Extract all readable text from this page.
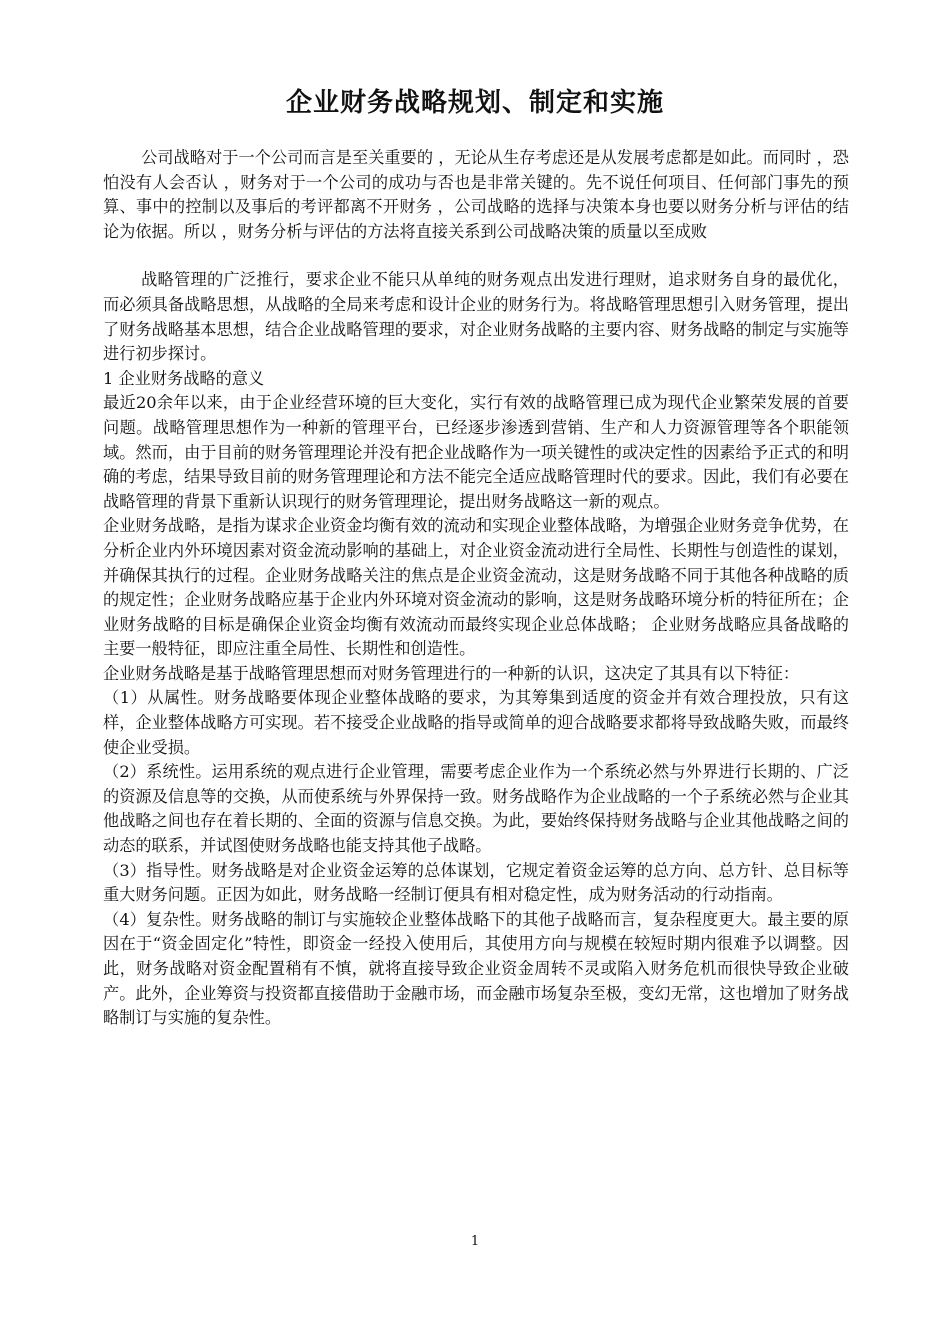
企业财务战略规划、制定和实施

公司战略对于一个公司而言是至关重要的 ，无论从生存考虑还是从发展考虑都是如此。而同时 ，恐怕没有人会否认 ，财务对于一个公司的成功与否也是非常关键的。先不说任何项目、任何部门事先的预算、事中的控制以及事后的考评都离不开财务 ，公司战略的选择与决策本身也要以财务分析与评估的结论为依据。所以 ，财务分析与评估的方法将直接关系到公司战略决策的质量以至成败

战略管理的广泛推行，要求企业不能只从单纯的财务观点出发进行理财，追求财务自身的最优化，而必须具备战略思想，从战略的全局来考虑和设计企业的财务行为。将战略管理思想引入财务管理，提出了财务战略基本思想，结合企业战略管理的要求，对企业财务战略的主要内容、财务战略的制定与实施等进行初步探讨。

1 企业财务战略的意义

最近20余年以来，由于企业经营环境的巨大变化，实行有效的战略管理已成为现代企业繁荣发展的首要问题。战略管理思想作为一种新的管理平台，已经逐步渗透到营销、生产和人力资源管理等各个职能领域。然而，由于目前的财务管理理论并没有把企业战略作为一项关键性的或决定性的因素给予正式的和明确的考虑，结果导致目前的财务管理理论和方法不能完全适应战略管理时代的要求。因此，我们有必要在战略管理的背景下重新认识现行的财务管理理论，提出财务战略这一新的观点。

企业财务战略，是指为谋求企业资金均衡有效的流动和实现企业整体战略，为增强企业财务竞争优势，在分析企业内外环境因素对资金流动影响的基础上，对企业资金流动进行全局性、长期性与创造性的谋划，并确保其执行的过程。企业财务战略关注的焦点是企业资金流动，这是财务战略不同于其他各种战略的质的规定性；企业财务战略应基于企业内外环境对资金流动的影响，这是财务战略环境分析的特征所在；企业财务战略的目标是确保企业资金均衡有效流动而最终实现企业总体战略； 企业财务战略应具备战略的主要一般特征，即应注重全局性、长期性和创造性。

企业财务战略是基于战略管理思想而对财务管理进行的一种新的认识，这决定了其具有以下特征：

（1）从属性。财务战略要体现企业整体战略的要求，为其筹集到适度的资金并有效合理投放，只有这样，企业整体战略方可实现。若不接受企业战略的指导或简单的迎合战略要求都将导致战略失败，而最终使企业受损。

（2）系统性。运用系统的观点进行企业管理，需要考虑企业作为一个系统必然与外界进行长期的、广泛的资源及信息等的交换，从而使系统与外界保持一致。财务战略作为企业战略的一个子系统必然与企业其他战略之间也存在着长期的、全面的资源与信息交换。为此，要始终保持财务战略与企业其他战略之间的动态的联系，并试图使财务战略也能支持其他子战略。

（3）指导性。财务战略是对企业资金运筹的总体谋划，它规定着资金运筹的总方向、总方针、总目标等重大财务问题。正因为如此，财务战略一经制订便具有相对稳定性，成为财务活动的行动指南。

（4）复杂性。财务战略的制订与实施较企业整体战略下的其他子战略而言，复杂程度更大。最主要的原因在于“资金固定化”特性，即资金一经投入使用后，其使用方向与规模在较短时期内很难予以调整。因此，财务战略对资金配置稍有不慎，就将直接导致企业资金周转不灵或陷入财务危机而很快导致企业破产。此外，企业筹资与投资都直接借助于金融市场，而金融市场复杂至极，变幻无常，这也增加了财务战略制订与实施的复杂性。

1
